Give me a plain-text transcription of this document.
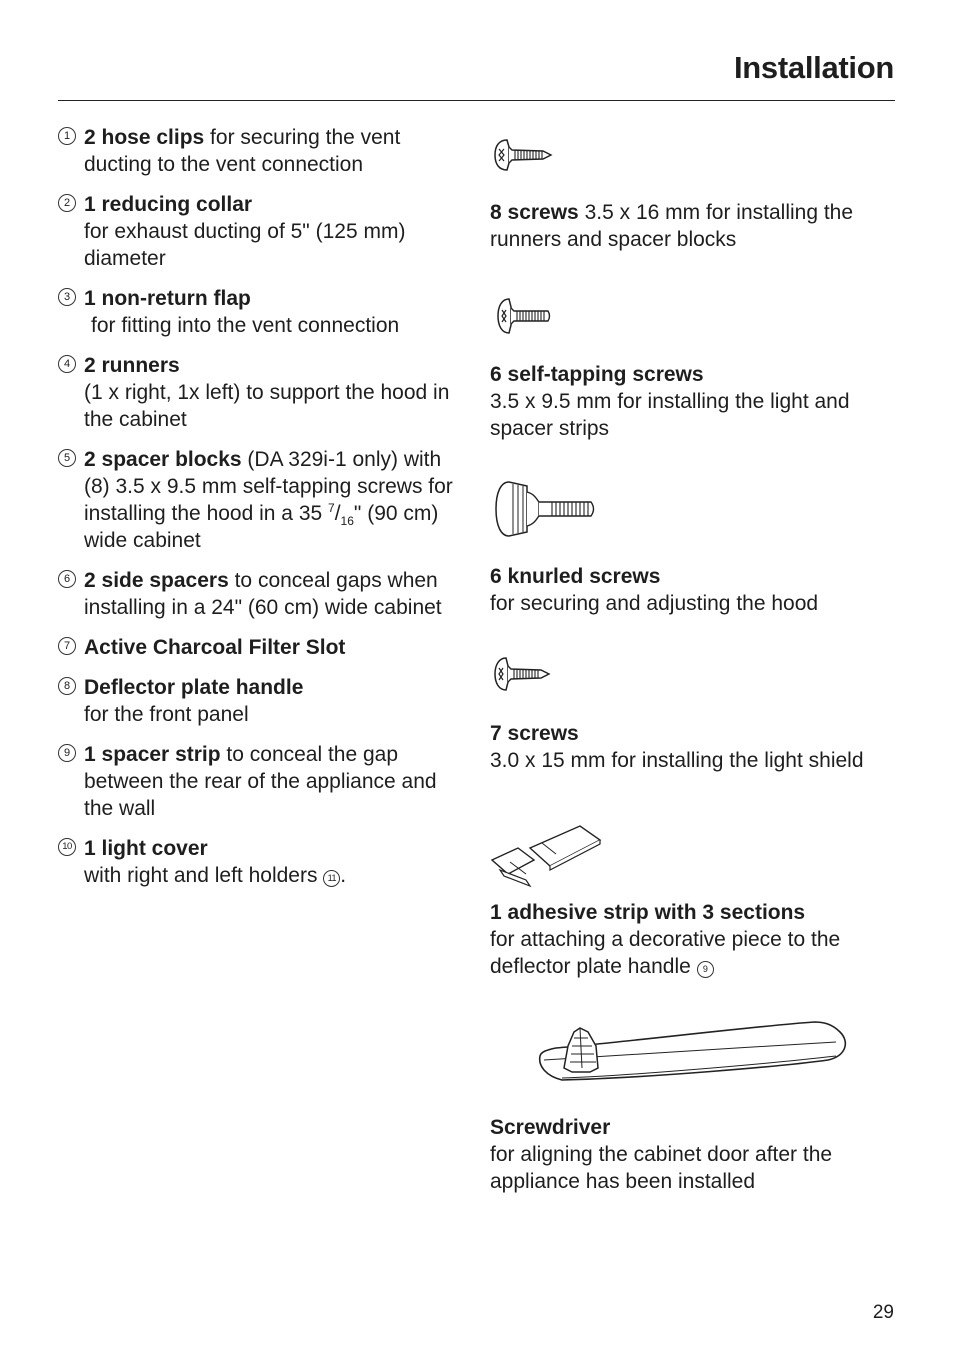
Installation
1 2 hose clips for securing the vent ducting to the vent connection
2 1 reducing collar
for exhaust ducting of 5" (125 mm) diameter
3 1 non-return flap
for fitting into the vent connection
4 2 runners
(1 x right, 1x left) to support the hood in the cabinet
5 2 spacer blocks (DA 329i-1 only) with (8) 3.5 x 9.5 mm self-tapping screws for installing the hood in a 35 $^7/_{16}$" (90 cm) wide cabinet
6 2 side spacers to conceal gaps when installing in a 24" (60 cm) wide cabinet
7 Active Charcoal Filter Slot
8 Deflector plate handle
for the front panel
9 1 spacer strip to conceal the gap between the rear of the appliance and the wall
10 1 light cover
with right and left holders 11 .
8 screws 3.5 x 16 mm for installing the runners and spacer blocks
6 self-tapping screws
3.5 x 9.5 mm for installing the light and spacer strips
6 knurled screws
for securing and adjusting the hood
7 screws
3.0 x 15 mm for installing the light shield
1 adhesive strip with 3 sections
for attaching a decorative piece to the deflector plate handle 9
Screwdriver
for aligning the cabinet door after the appliance has been installed
29
